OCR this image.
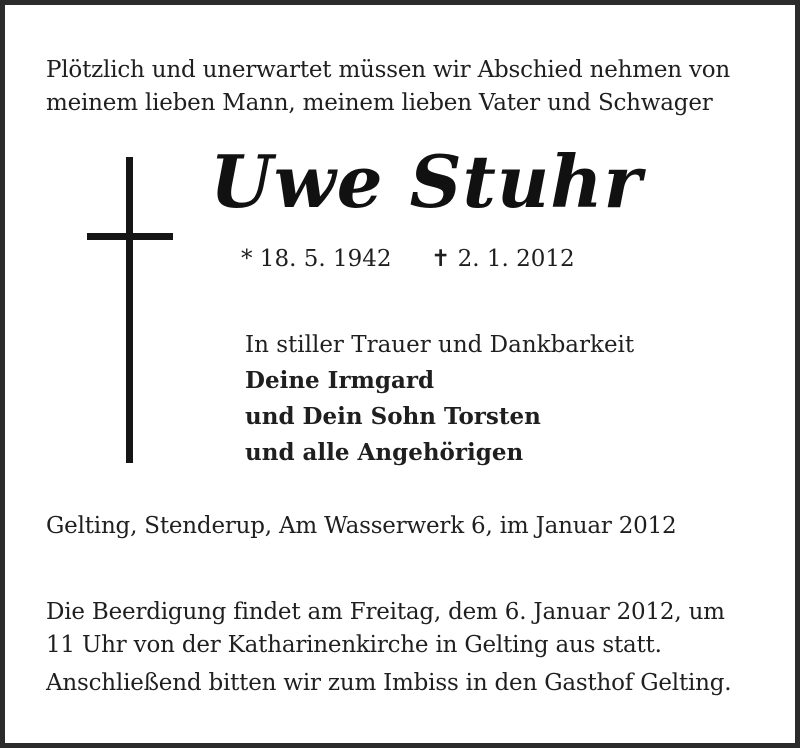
Plötzlich und unerwartet müssen wir Abschied nehmen von
meinem lieben Mann, meinem lieben Vater und Schwager
Uwe Stuhr
* 18. 5. 1942 ✝ 2. 1. 2012
In stiller Trauer und Dankbarkeit
Deine Irmgard
und Dein Sohn Torsten
und alle Angehörigen
Gelting, Stenderup, Am Wasserwerk 6, im Januar 2012

Die Beerdigung findet am Freitag, dem 6. Januar 2012, um

11 Uhr von der Katharinenkirche in Gelting aus statt.

Anschließend bitten wir zum Imbiss in den Gasthof Gelting.
